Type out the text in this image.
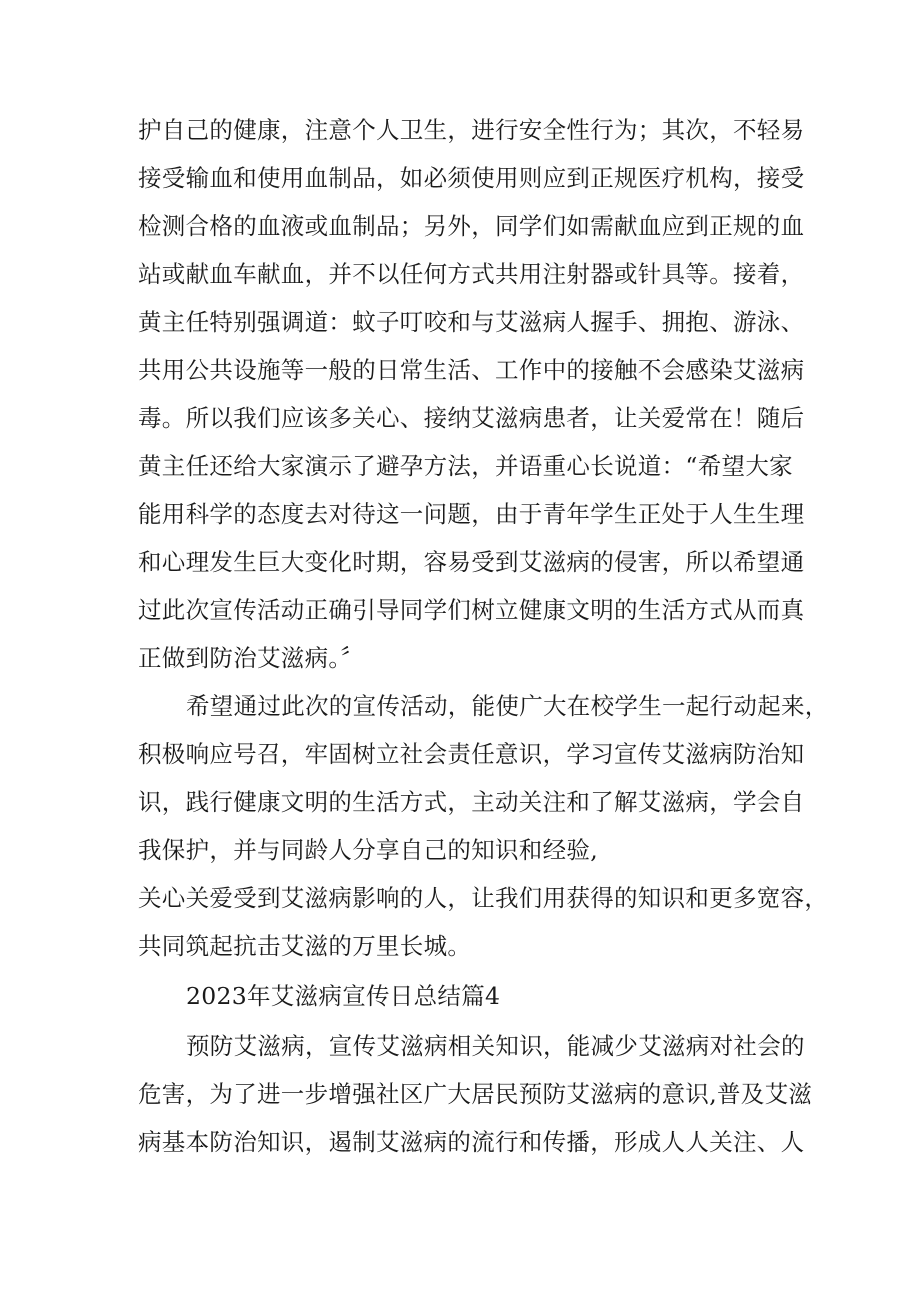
护自己的健康，注意个人卫生，进行安全性行为；其次，不轻易
接受输血和使用血制品，如必须使用则应到正规医疗机构，接受
检测合格的血液或血制品；另外，同学们如需献血应到正规的血
站或献血车献血，并不以任何方式共用注射器或针具等。接着，
黄主任特别强调道：蚊子叮咬和与艾滋病人握手、拥抱、游泳、
共用公共设施等一般的日常生活、工作中的接触不会感染艾滋病
毒。所以我们应该多关心、接纳艾滋病患者，让关爱常在！随后
黄主任还给大家演示了避孕方法，并语重心长说道：“希望大家
能用科学的态度去对待这一问题，由于青年学生正处于人生生理
和心理发生巨大变化时期，容易受到艾滋病的侵害，所以希望通
过此次宣传活动正确引导同学们树立健康文明的生活方式从而真
正做到防治艾滋病。〞
希望通过此次的宣传活动，能使广大在校学生一起行动起来，
积极响应号召，牢固树立社会责任意识，学习宣传艾滋病防治知
识，践行健康文明的生活方式，主动关注和了解艾滋病，学会自
我保护，并与同龄人分享自己的知识和经验,
关心关爱受到艾滋病影响的人，让我们用获得的知识和更多宽容，
共同筑起抗击艾滋的万里长城。
2023年艾滋病宣传日总结篇4
预防艾滋病，宣传艾滋病相关知识，能减少艾滋病对社会的
危害，为了进一步增强社区广大居民预防艾滋病的意识,普及艾滋
病基本防治知识，遏制艾滋病的流行和传播，形成人人关注、人
